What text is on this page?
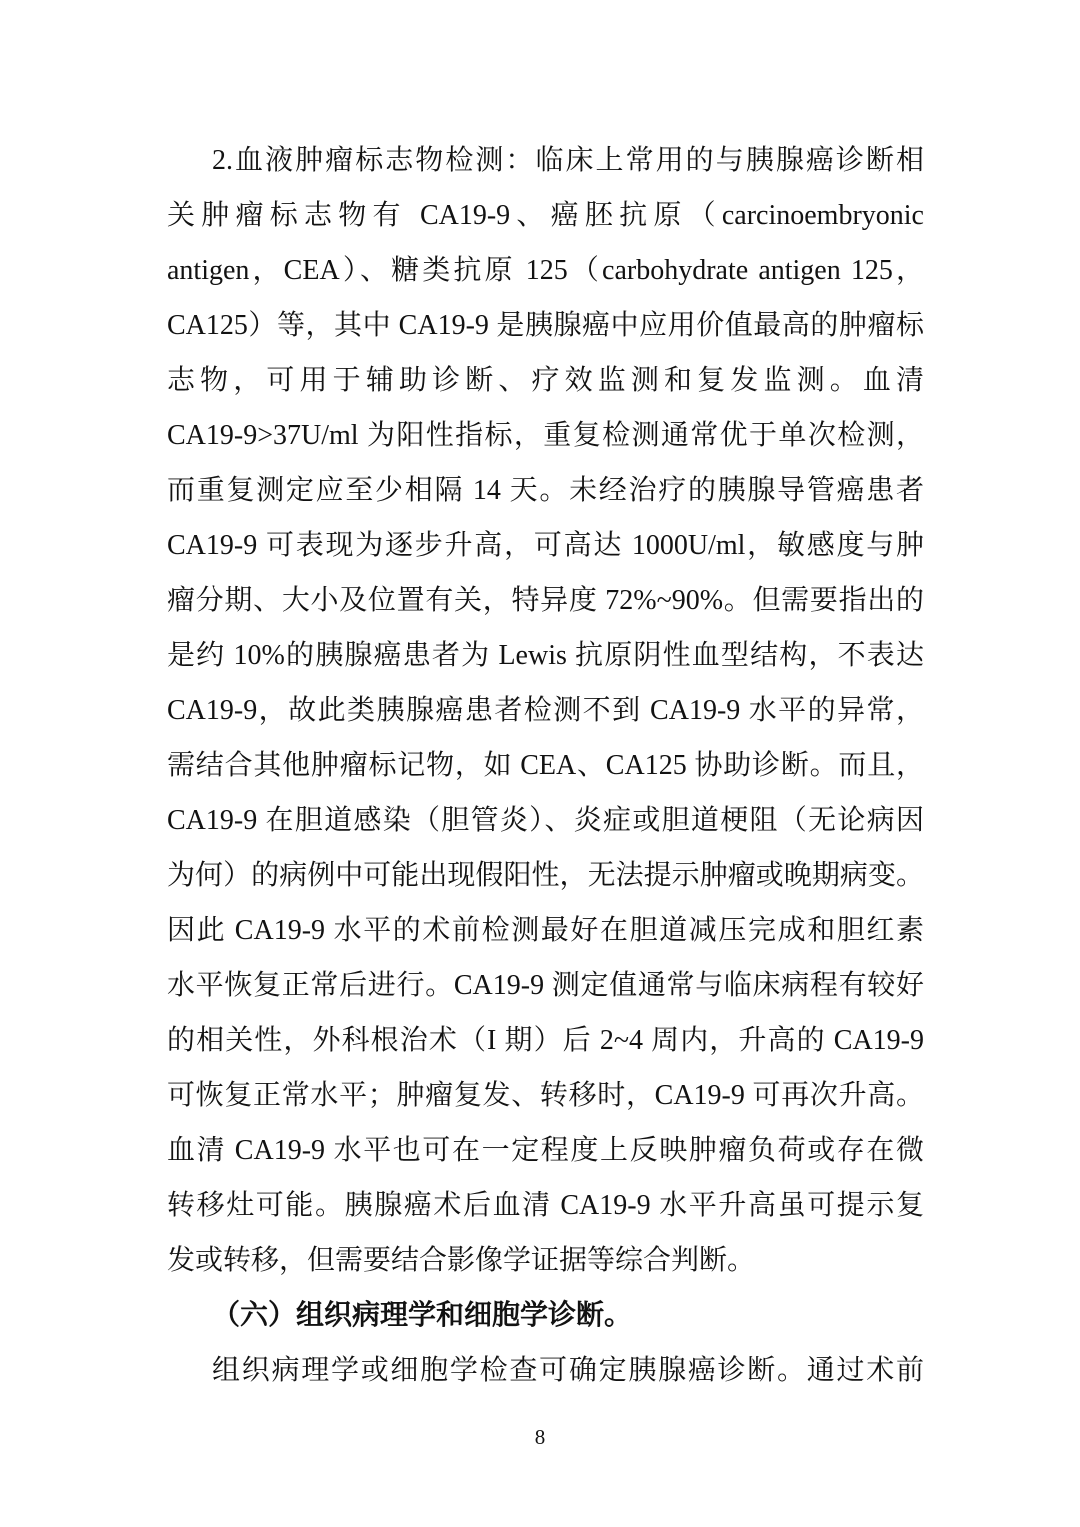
2.血液肿瘤标志物检测：临床上常用的与胰腺癌诊断相
关肿瘤标志物有 CA19-9、癌胚抗原（carcinoembryonic
antigen，CEA）、糖类抗原 125（carbohydrate antigen 125，
CA125）等，其中 CA19-9 是胰腺癌中应用价值最高的肿瘤标
志物，可用于辅助诊断、疗效监测和复发监测。血清
CA19-9>37U/ml 为阳性指标，重复检测通常优于单次检测，
而重复测定应至少相隔 14 天。未经治疗的胰腺导管癌患者
CA19-9 可表现为逐步升高，可高达 1000U/ml，敏感度与肿
瘤分期、大小及位置有关，特异度 72%~90%。但需要指出的
是约 10%的胰腺癌患者为 Lewis 抗原阴性血型结构，不表达
CA19-9，故此类胰腺癌患者检测不到 CA19-9 水平的异常，
需结合其他肿瘤标记物，如 CEA、CA125 协助诊断。而且，
CA19-9 在胆道感染（胆管炎）、炎症或胆道梗阻（无论病因
为何）的病例中可能出现假阳性，无法提示肿瘤或晚期病变。
因此 CA19-9 水平的术前检测最好在胆道减压完成和胆红素
水平恢复正常后进行。CA19-9 测定值通常与临床病程有较好
的相关性，外科根治术（I 期）后 2~4 周内，升高的 CA19-9
可恢复正常水平；肿瘤复发、转移时，CA19-9 可再次升高。
血清 CA19-9 水平也可在一定程度上反映肿瘤负荷或存在微
转移灶可能。胰腺癌术后血清 CA19-9 水平升高虽可提示复
发或转移，但需要结合影像学证据等综合判断。
（六）组织病理学和细胞学诊断。
组织病理学或细胞学检查可确定胰腺癌诊断。通过术前
8
